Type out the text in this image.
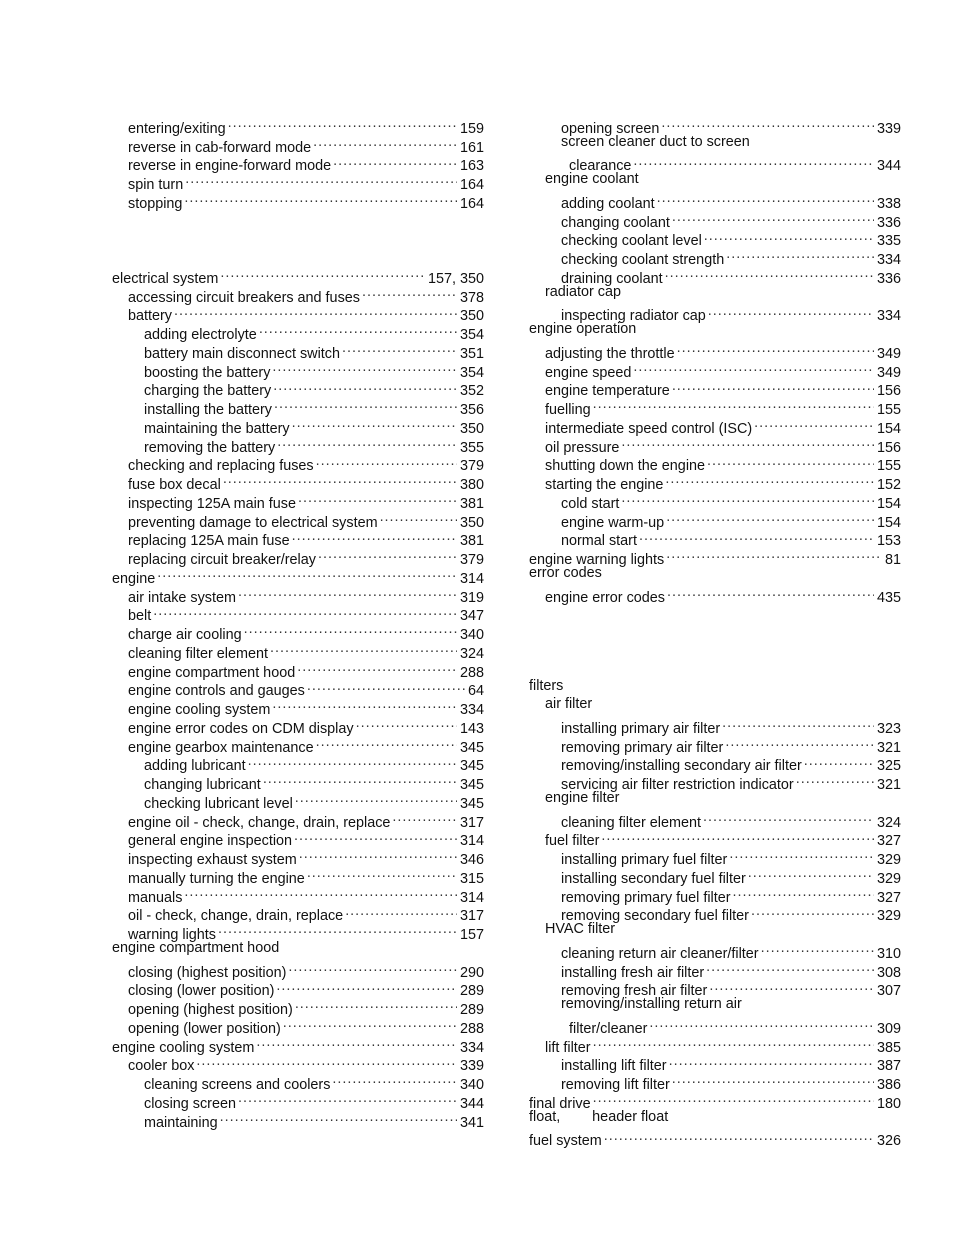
entering/exiting .....	159
reverse in cab-forward mode .....	161
reverse in engine-forward mode .....	163
spin turn .....	164
stopping .....	164
electrical system .....	157, 350
accessing circuit breakers and fuses .....	378
battery .....	350
adding electrolyte .....	354
battery main disconnect switch .....	351
boosting the battery .....	354
charging the battery .....	352
installing the battery .....	356
maintaining the battery .....	350
removing the battery .....	355
checking and replacing fuses .....	379
fuse box decal .....	380
inspecting 125A main fuse .....	381
preventing damage to electrical system .....	350
replacing 125A main fuse .....	381
replacing circuit breaker/relay .....	379
engine .....	314
air intake system .....	319
belt .....	347
charge air cooling .....	340
cleaning filter element .....	324
engine compartment hood .....	288
engine controls and gauges .....	64
engine cooling system .....	334
engine error codes on CDM display .....	143
engine gearbox maintenance .....	345
adding lubricant .....	345
changing lubricant .....	345
checking lubricant level .....	345
engine oil - check, change, drain, replace .....	317
general engine inspection .....	314
inspecting exhaust system .....	346
manually turning the engine .....	315
manuals .....	314
oil - check, change, drain, replace .....	317
warning lights .....	157
engine compartment hood
closing (highest position) .....	290
closing (lower position) .....	289
opening (highest position) .....	289
opening (lower position) .....	288
engine cooling system .....	334
cooler box .....	339
cleaning screens and coolers .....	340
closing screen .....	344
maintaining .....	341
opening screen .....	339
screen cleaner duct to screen
clearance .....	344
engine coolant
adding coolant .....	338
changing coolant .....	336
checking coolant level .....	335
checking coolant strength .....	334
draining coolant .....	336
radiator cap
inspecting radiator cap .....	334
engine operation
adjusting the throttle .....	349
engine speed .....	349
engine temperature .....	156
fuelling .....	155
intermediate speed control (ISC) .....	154
oil pressure .....	156
shutting down the engine .....	155
starting the engine .....	152
cold start .....	154
engine warm-up .....	154
normal start .....	153
engine warning lights .....	81
error codes
engine error codes .....	435
filters
air filter
installing primary air filter .....	323
removing primary air filter .....	321
removing/installing secondary air filter .....	325
servicing air filter restriction indicator .....	321
engine filter
cleaning filter element .....	324
fuel filter .....	327
installing primary fuel filter .....	329
installing secondary fuel filter .....	329
removing primary fuel filter .....	327
removing secondary fuel filter .....	329
HVAC filter
cleaning return air cleaner/filter .....	310
installing fresh air filter .....	308
removing fresh air filter .....	307
removing/installing return air
filter/cleaner .....	309
lift filter .....	385
installing lift filter .....	387
removing lift filter .....	386
final drive .....	180
float,        header float
fuel system .....	326
